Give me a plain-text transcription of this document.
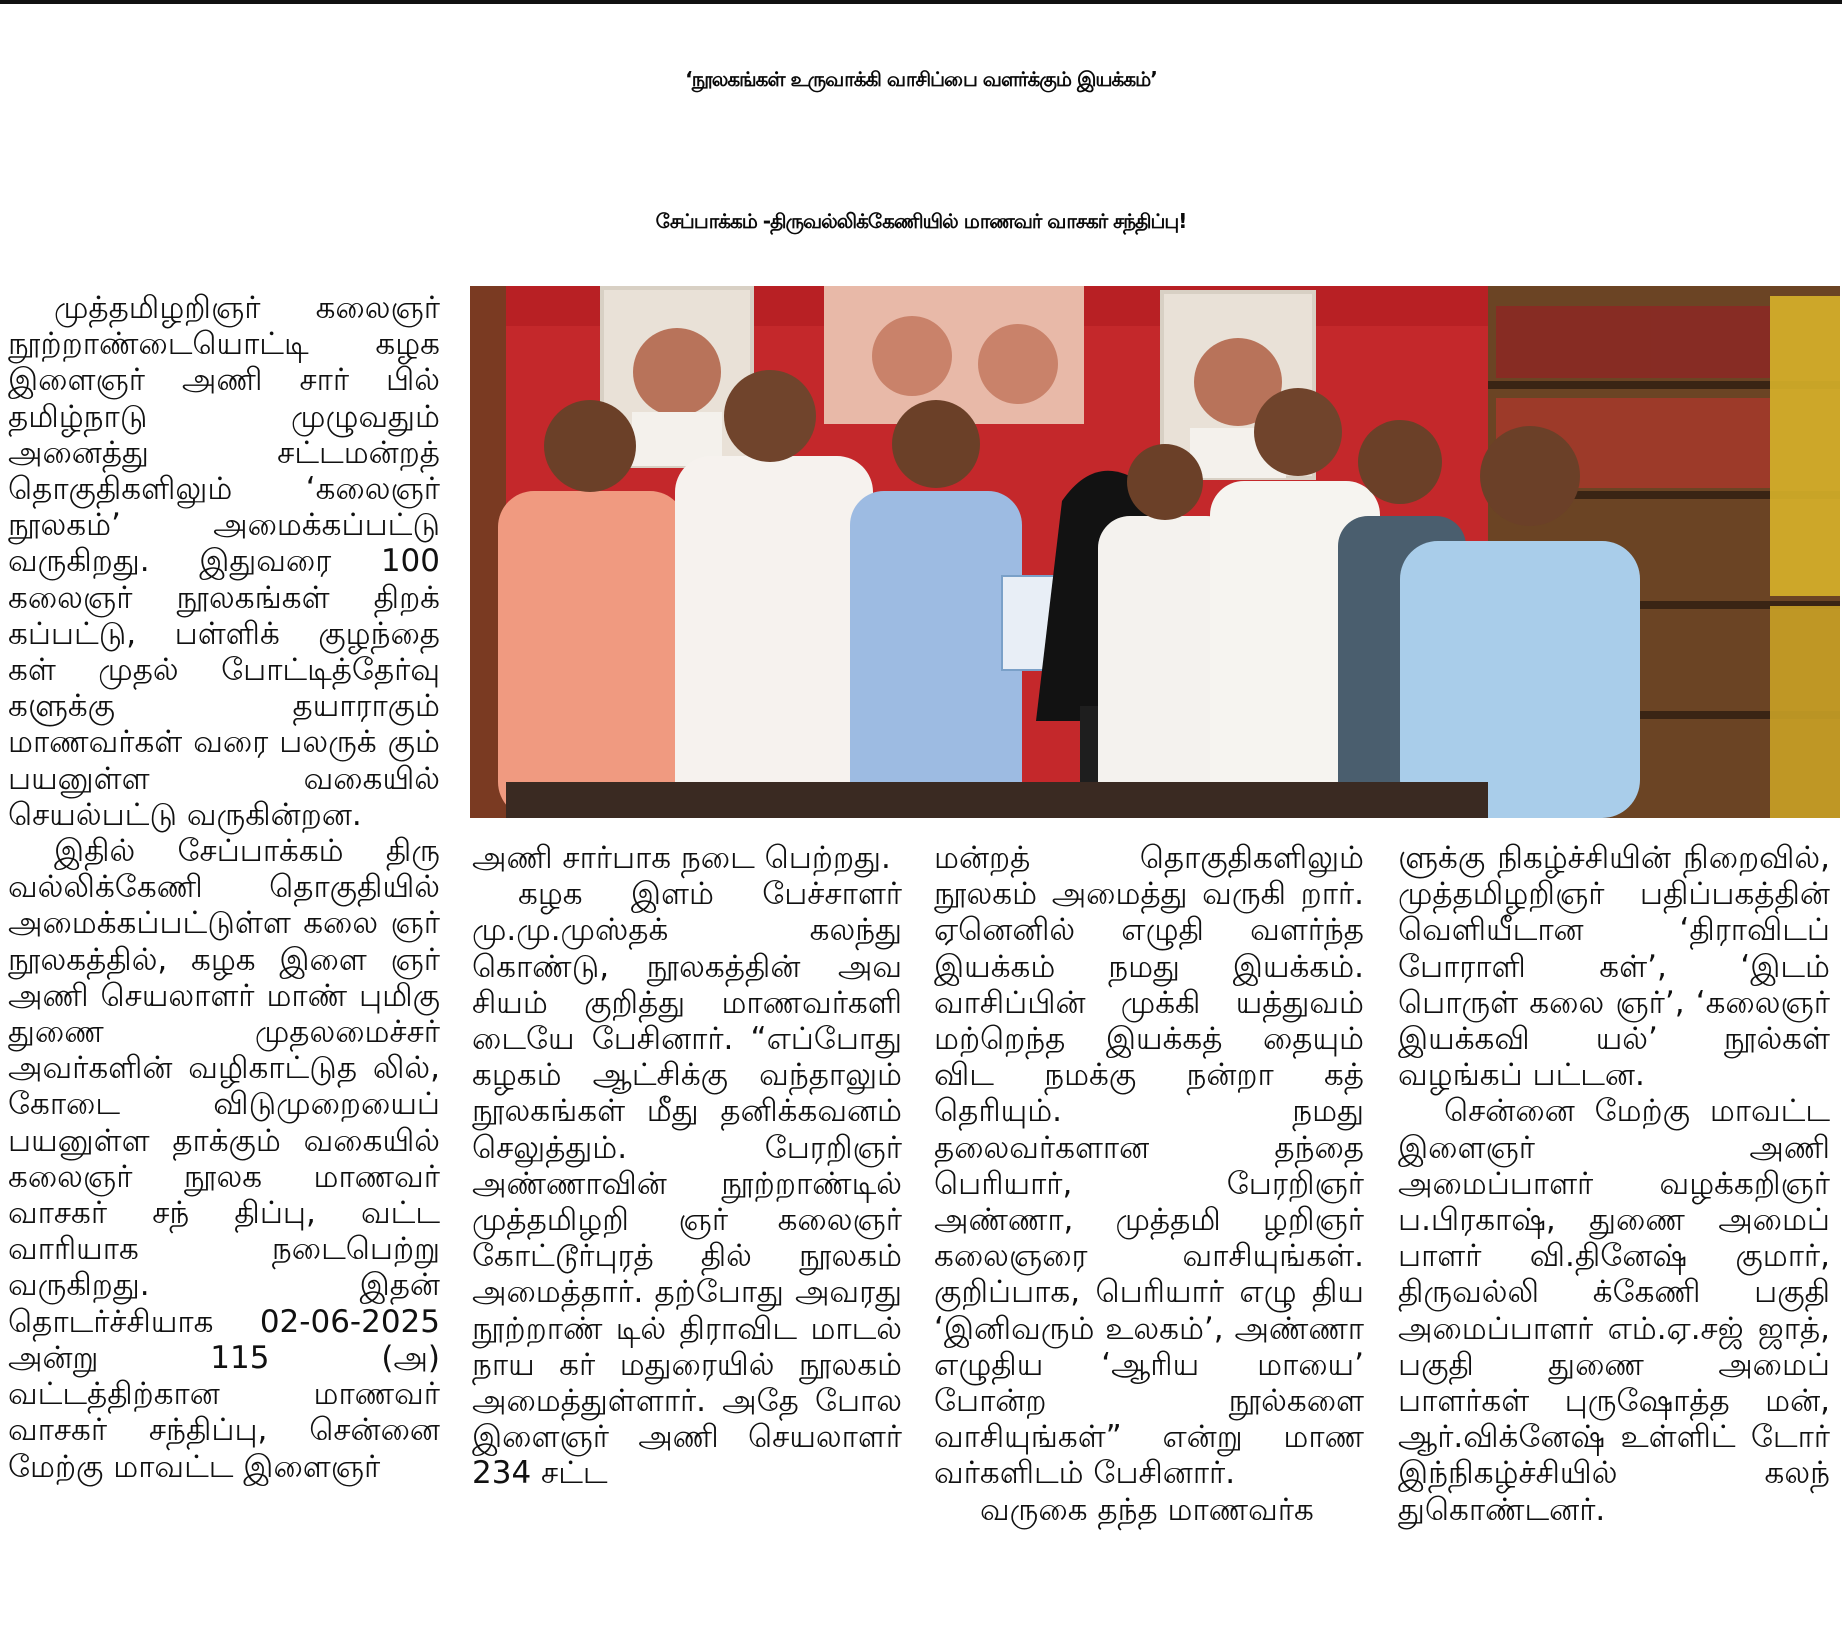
‘நூலகங்கள் உருவாக்கி வாசிப்பை வளர்க்கும் இயக்கம்’
சேப்பாக்கம் -திருவல்லிக்கேணியில் மாணவர் வாசகர் சந்திப்பு!

முத்தமிழறிஞர் கலைஞர் நூற்றாண்டையொட்டி கழக இளைஞர் அணி சார் பில் தமிழ்நாடு முழுவதும் அனைத்து சட்டமன்றத் தொகுதிகளிலும் ‘கலைஞர் நூலகம்’ அமைக்கப்பட்டு வருகிறது. இதுவரை 100 கலைஞர் நூலகங்கள் திறக் கப்பட்டு, பள்ளிக் குழந்தை கள் முதல் போட்டித்தேர்வு களுக்கு தயாராகும் மாணவர்கள் வரை பலருக் கும் பயனுள்ள வகையில் செயல்பட்டு வருகின்றன.

இதில் சேப்பாக்கம் திரு வல்லிக்கேணி தொகுதியில் அமைக்கப்பட்டுள்ள கலை ஞர் நூலகத்தில், கழக இளை ஞர் அணி செயலாளர் மாண் புமிகு துணை முதலமைச்சர் அவர்களின் வழிகாட்டுத லில், கோடை விடுமுறையைப் பயனுள்ள தாக்கும் வகையில் கலைஞர் நூலக மாணவர் வாசகர் சந் திப்பு, வட்ட வாரியாக நடைபெற்று வருகிறது. இதன் தொடர்ச்சியாக 02-06-2025 அன்று 115 (அ) வட்டத்திற்கான மாணவர் வாசகர் சந்திப்பு, சென்னை மேற்கு மாவட்ட இளைஞர்

அணி சார்பாக நடை பெற்றது.

கழக இளம் பேச்சாளர் மு.மு.முஸ்தக் கலந்து கொண்டு, நூலகத்தின் அவ சியம் குறித்து மாணவர்களி டையே பேசினார். “எப்போது கழகம் ஆட்சிக்கு வந்தாலும் நூலகங்கள் மீது தனிக்கவனம் செலுத்தும். பேரறிஞர் அண்ணாவின் நூற்றாண்டில் முத்தமிழறி ஞர் கலைஞர் கோட்டூர்புரத் தில் நூலகம் அமைத்தார். தற்போது அவரது நூற்றாண் டில் திராவிட மாடல் நாய கர் மதுரையில் நூலகம் அமைத்துள்ளார். அதே போல இளைஞர் அணி செயலாளர் 234 சட்ட

மன்றத் தொகுதிகளிலும் நூலகம் அமைத்து வருகி றார். ஏனெனில் எழுதி வளர்ந்த இயக்கம் நமது இயக்கம். வாசிப்பின் முக்கி யத்துவம் மற்றெந்த இயக்கத் தையும் விட நமக்கு நன்றா கத் தெரியும். நமது தலைவர்களான தந்தை பெரியார், பேரறிஞர் அண்ணா, முத்தமி ழறிஞர் கலைஞரை வாசியுங்கள். குறிப்பாக, பெரியார் எழு திய ‘இனிவரும் உலகம்’, அண்ணா எழுதிய ‘ஆரிய மாயை’ போன்ற நூல்களை வாசியுங்கள்” என்று மாண வர்களிடம் பேசினார்.

வருகை தந்த மாணவர்க

ளுக்கு நிகழ்ச்சியின் நிறைவில், முத்தமிழறிஞர் பதிப்பகத்தின் வெளியீடான ‘திராவிடப் போராளி கள்’, ‘இடம் பொருள் கலை ஞர்’, ‘கலைஞர் இயக்கவி யல்’ நூல்கள் வழங்கப் பட்டன.

சென்னை மேற்கு மாவட்ட இளைஞர் அணி அமைப்பாளர் வழக்கறிஞர் ப.பிரகாஷ், துணை அமைப் பாளர் வி.தினேஷ் குமார், திருவல்லி க்கேணி பகுதி அமைப்பாளர் எம்.ஏ.சஜ் ஜாத், பகுதி துணை அமைப் பாளர்கள் புருஷோத்த மன், ஆர்.விக்னேஷ் உள்ளிட் டோர் இந்நிகழ்ச்சியில் கலந் துகொண்டனர்.
